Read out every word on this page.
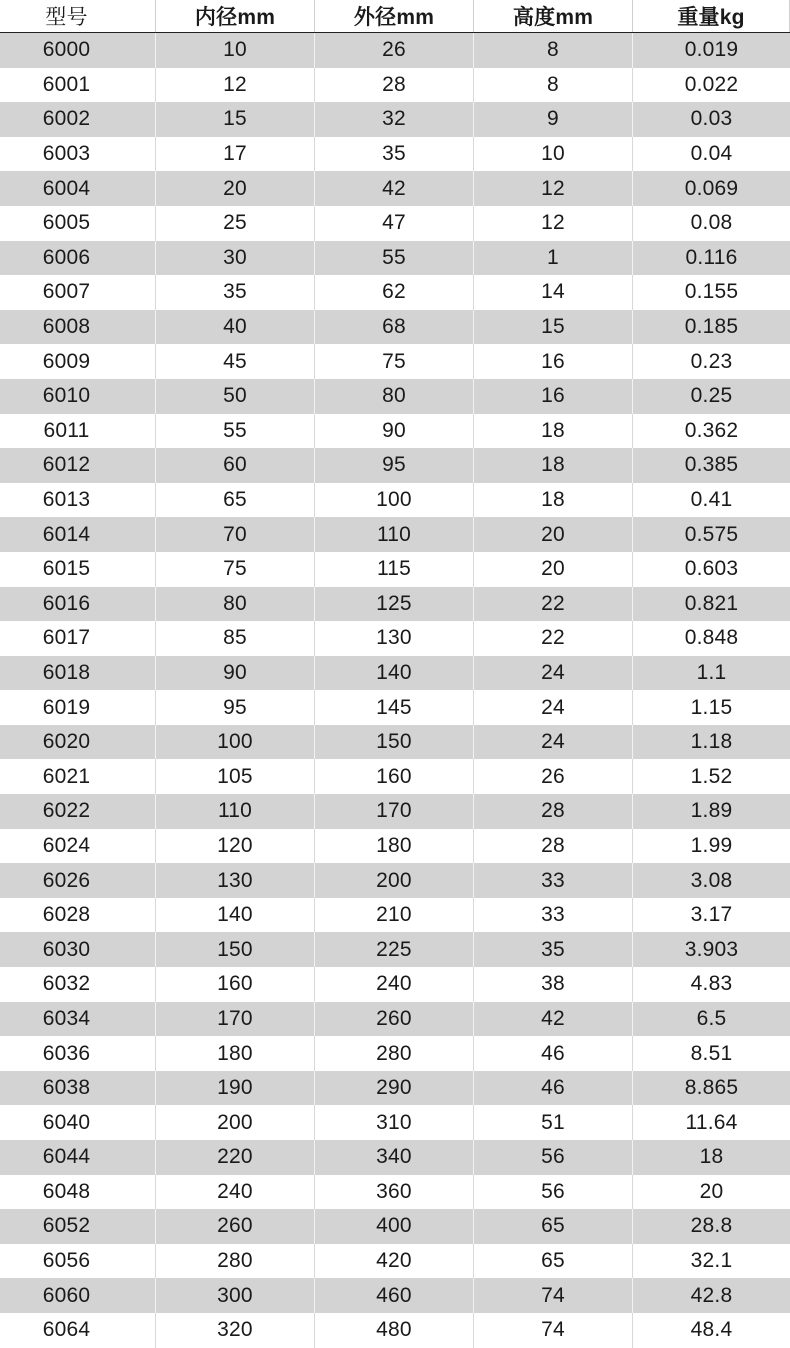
型号	内径mm	外径mm	高度mm	重量kg
6000	10	26	8	0.019
6001	12	28	8	0.022
6002	15	32	9	0.03
6003	17	35	10	0.04
6004	20	42	12	0.069
6005	25	47	12	0.08
6006	30	55	1	0.116
6007	35	62	14	0.155
6008	40	68	15	0.185
6009	45	75	16	0.23
6010	50	80	16	0.25
6011	55	90	18	0.362
6012	60	95	18	0.385
6013	65	100	18	0.41
6014	70	110	20	0.575
6015	75	115	20	0.603
6016	80	125	22	0.821
6017	85	130	22	0.848
6018	90	140	24	1.1
6019	95	145	24	1.15
6020	100	150	24	1.18
6021	105	160	26	1.52
6022	110	170	28	1.89
6024	120	180	28	1.99
6026	130	200	33	3.08
6028	140	210	33	3.17
6030	150	225	35	3.903
6032	160	240	38	4.83
6034	170	260	42	6.5
6036	180	280	46	8.51
6038	190	290	46	8.865
6040	200	310	51	11.64
6044	220	340	56	18
6048	240	360	56	20
6052	260	400	65	28.8
6056	280	420	65	32.1
6060	300	460	74	42.8
6064	320	480	74	48.4
